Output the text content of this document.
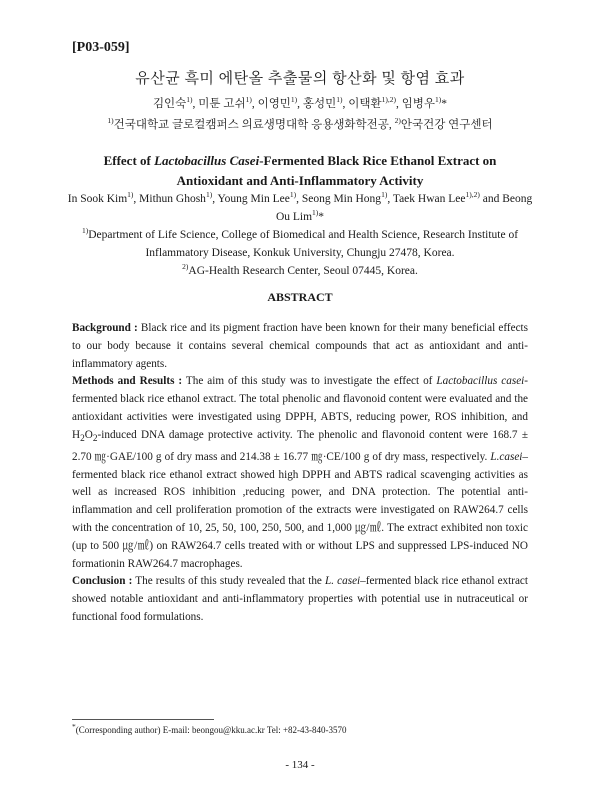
[P03-059]
유산균 흑미 에탄올 추출물의 항산화 및 항염 효과
김인숙$^{1)}$, 미툰 고쉬$^{1)}$, 이영민$^{1)}$, 홍성민$^{1)}$, 이택환$^{1),2)}$, 임병우$^{1)}$*
$^{1)}$건국대학교 글로컬캠퍼스 의료생명대학 응용생화학전공, $^{2)}$안국건강 연구센터
Effect of Lactobacillus Casei-Fermented Black Rice Ethanol Extract on
Antioxidant and Anti-Inflammatory Activity
In Sook Kim$^{1)}$, Mithun Ghosh$^{1)}$, Young Min Lee$^{1)}$, Seong Min Hong$^{1)}$, Taek Hwan Lee$^{1),2)}$ and Beong Ou Lim$^{1)}$*
$^{1)}$Department of Life Science, College of Biomedical and Health Science, Research Institute of Inflammatory Disease, Konkuk University, Chungju 27478, Korea.
$^{2)}$AG-Health Research Center, Seoul 07445, Korea.
ABSTRACT

Background : Black rice and its pigment fraction have been known for their many beneficial effects to our body because it contains several chemical compounds that act as antioxidant and anti-inflammatory agents.

Methods and Results : The aim of this study was to investigate the effect of Lactobacillus casei-fermented black rice ethanol extract. The total phenolic and flavonoid content were evaluated and the antioxidant activities were investigated using DPPH, ABTS, reducing power, ROS inhibition, and $H_2O_2$-induced DNA damage protective activity. The phenolic and flavonoid content were 168.7 ± 2.70 ㎎·GAE/100 g of dry mass and 214.38 ± 16.77 ㎎·CE/100 g of dry mass, respectively. L.casei–fermented black rice ethanol extract showed high DPPH and ABTS radical scavenging activities as well as increased ROS inhibition ,reducing power, and DNA protection. The potential anti-inflammation and cell proliferation promotion of the extracts were investigated on RAW264.7 cells with the concentration of 10, 25, 50, 100, 250, 500, and 1,000 ㎍/㎖. The extract exhibited non toxic (up to 500 ㎍/㎖) on RAW264.7 cells treated with or without LPS and suppressed LPS-induced NO formationin RAW264.7 macrophages.

Conclusion : The results of this study revealed that the L. casei–fermented black rice ethanol extract showed notable antioxidant and anti-inflammatory properties with potential use in nutraceutical or functional food formulations.

*(Corresponding author) E-mail: beongou@kku.ac.kr Tel: +82-43-840-3570
- 134 -
